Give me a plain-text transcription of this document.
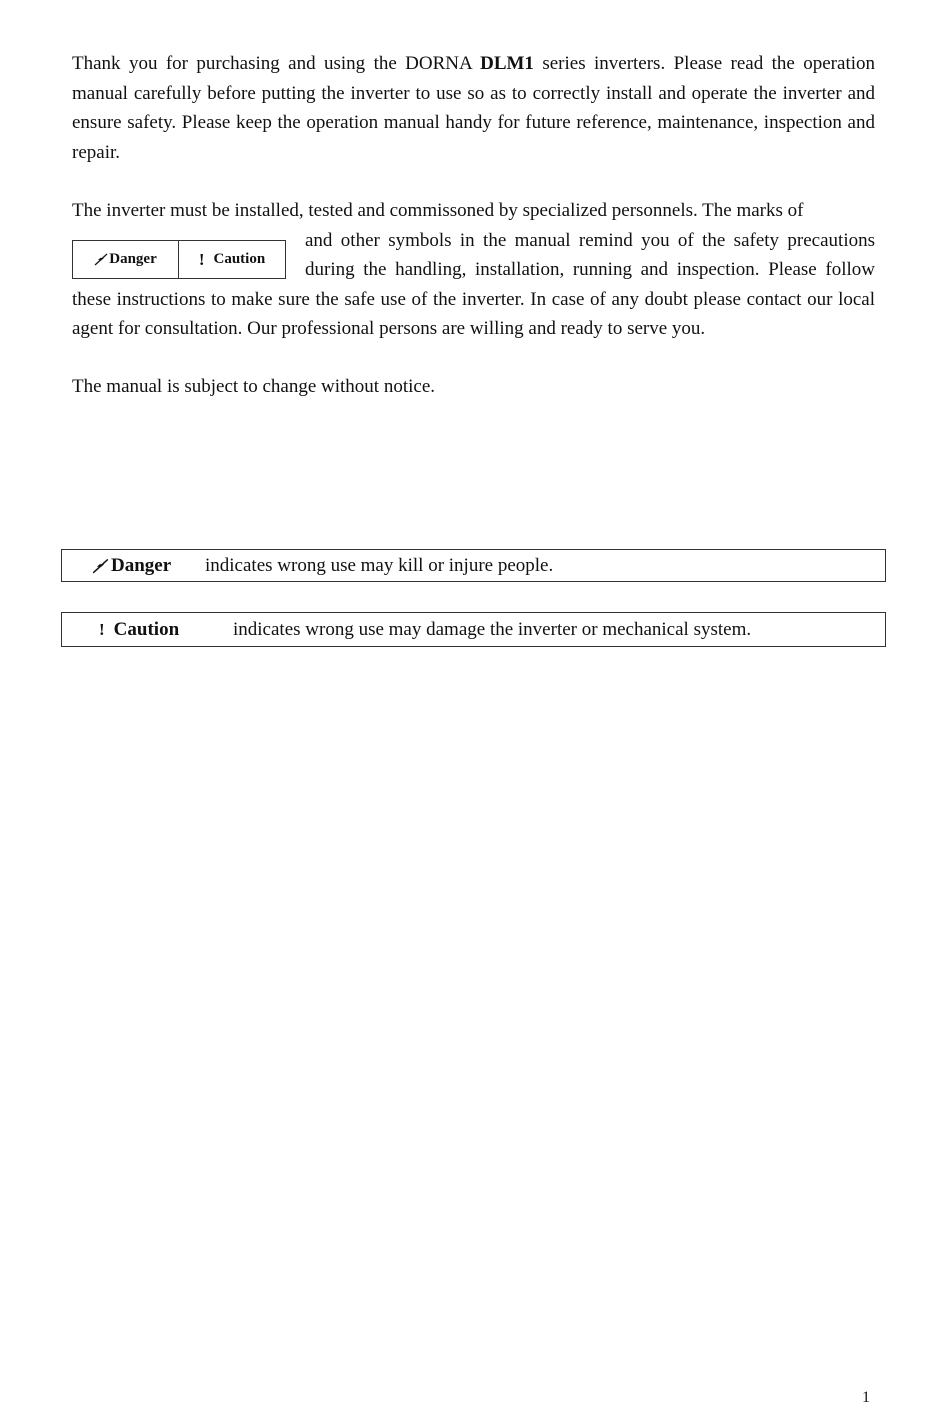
Thank you for purchasing and using the DORNA DLM1 series inverters. Please read the operation manual carefully before putting the inverter to use so as to correctly install and operate the inverter and ensure safety. Please keep the operation manual handy for future reference, maintenance, inspection and repair.

The inverter must be installed, tested and commissoned by specialized personnels. The marks of
Danger ! Caution
and other symbols in the manual remind you of the safety precautions during the handling, installation, running and inspection. Please follow these instructions to make sure the safe use of the inverter. In case of any doubt please contact our local agent for consultation. Our professional persons are willing and ready to serve you.

The manual is subject to change without notice.

Danger indicates wrong use may kill or injure people.
! Caution	indicates wrong use may damage the inverter or mechanical system.
1
